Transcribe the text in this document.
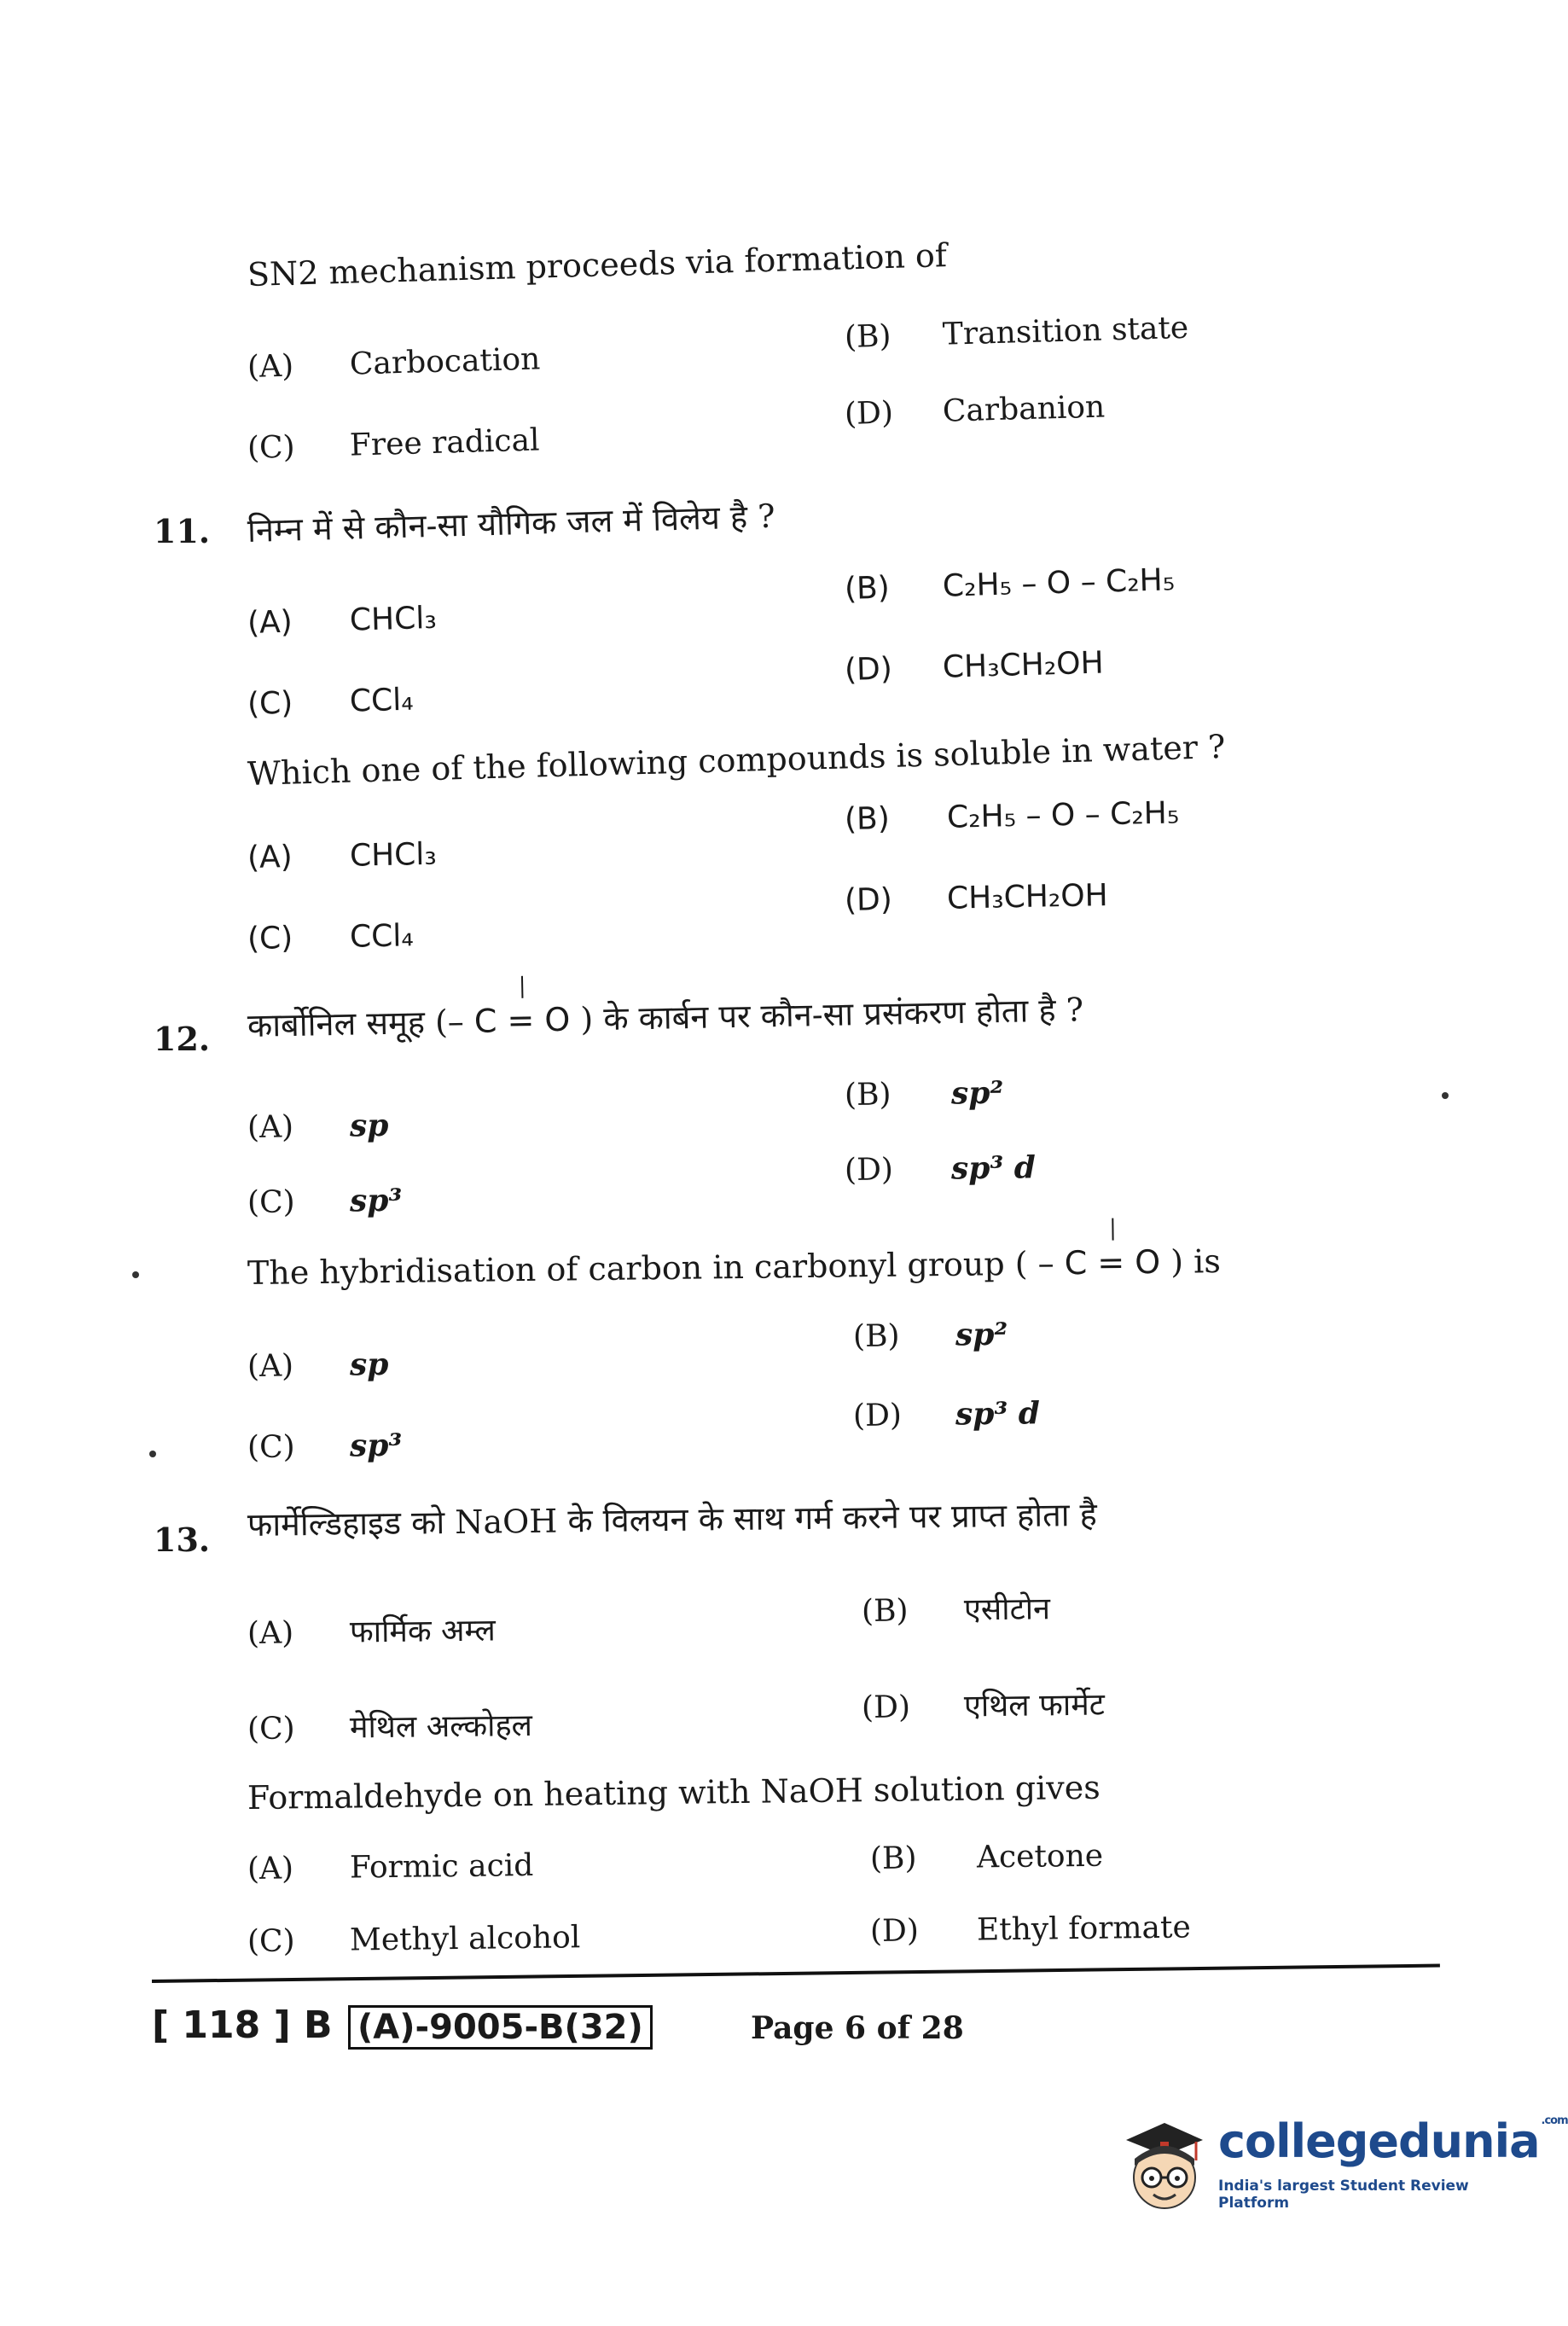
SN2 mechanism proceeds via formation of
(A) Carbocation
(B) Transition state
(C) Free radical
(D) Carbanion
11. निम्न में से कौन-सा यौगिक जल में विलेय है ?
(A) CHCl₃
(B) C₂H₅ – O – C₂H₅
(C) CCl₄
(D) CH₃CH₂OH
Which one of the following compounds is soluble in water ?
(A) CHCl₃
(B) C₂H₅ – O – C₂H₅
(C) CCl₄
(D) CH₃CH₂OH
12. कार्बोनिल समूह (– C = O ) के कार्बन पर कौन-सा प्रसंकरण होता है ?
(A) sp
(B) sp²
(C) sp³
(D) sp³ d
The hybridisation of carbon in carbonyl group ( – C = O ) is
(A) sp
(B) sp²
(C) sp³
(D) sp³ d
13. फार्मेल्डिहाइड को NaOH के विलयन के साथ गर्म करने पर प्राप्त होता है
(A) फार्मिक अम्ल
(B) एसीटोन
(C) मेथिल अल्कोहल
(D) एथिल फार्मेट
Formaldehyde on heating with NaOH solution gives
(A) Formic acid	(B) Acetone
(C) Methyl alcohol	(D) Ethyl formate
[ 118 ] B (A)-9005-B(32)	Page 6 of 28
collegedunia $^{.com}$
India's largest Student Review Platform
